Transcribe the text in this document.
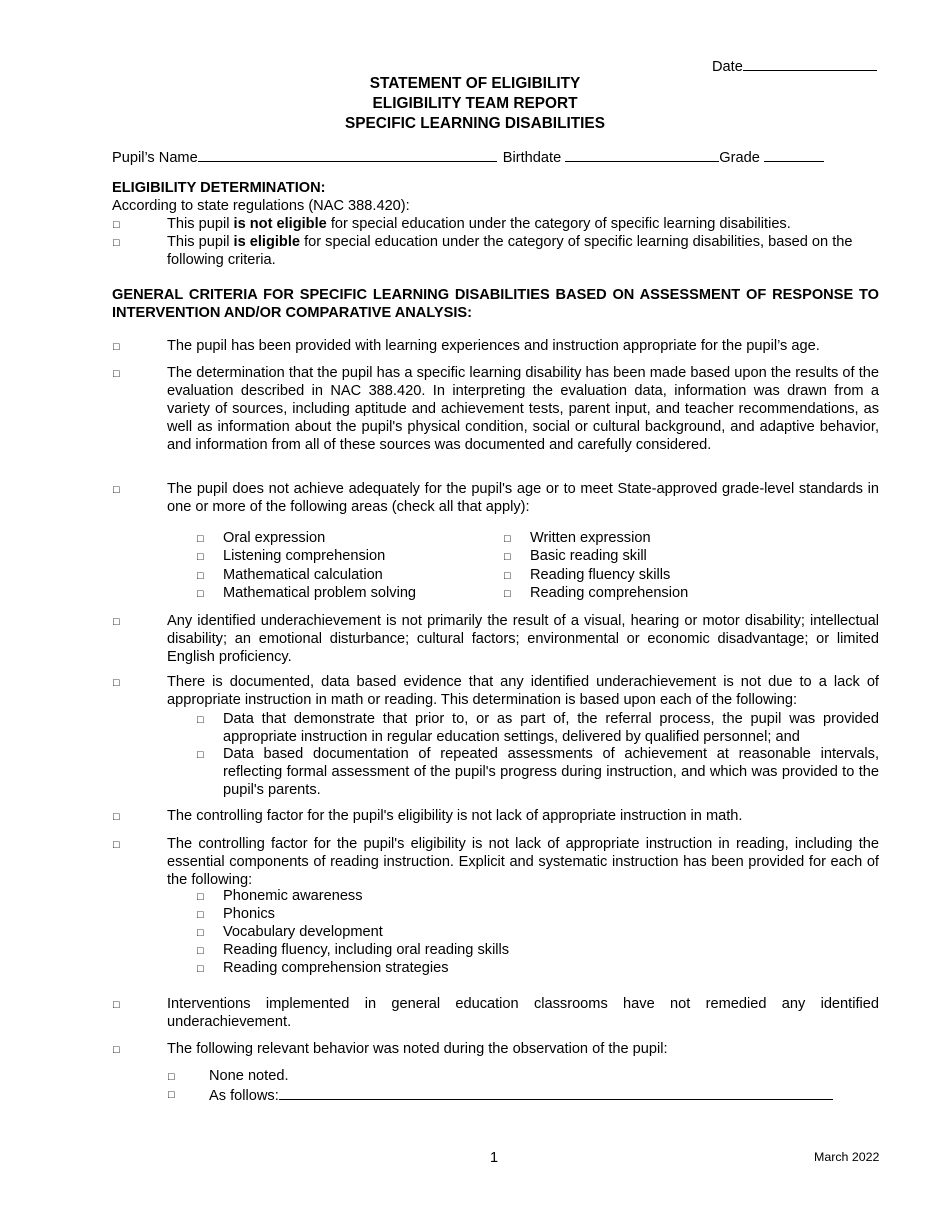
Date
STATEMENT OF ELIGIBILITY
ELIGIBILITY TEAM REPORT
SPECIFIC LEARNING DISABILITIES
Pupil’s Name	Birthdate	Grade
ELIGIBILITY DETERMINATION:
According to state regulations (NAC 388.420):
□	This pupil is not eligible for special education under the category of specific learning disabilities.
□	This pupil is eligible for special education under the category of specific learning disabilities, based on the following criteria.
GENERAL CRITERIA FOR SPECIFIC LEARNING DISABILITIES BASED ON ASSESSMENT OF RESPONSE TO INTERVENTION AND/OR COMPARATIVE ANALYSIS:
□	The pupil has been provided with learning experiences and instruction appropriate for the pupil’s age.
□	The determination that the pupil has a specific learning disability has been made based upon the results of the evaluation described in NAC 388.420. In interpreting the evaluation data, information was drawn from a variety of sources, including aptitude and achievement tests, parent input, and teacher recommendations, as well as information about the pupil's physical condition, social or cultural background, and adaptive behavior, and information from all of these sources was documented and carefully considered.
□	The pupil does not achieve adequately for the pupil's age or to meet State-approved grade-level standards in one or more of the following areas (check all that apply):
□ Oral expression
□ Listening comprehension
□ Mathematical calculation
□ Mathematical problem solving
□ Written expression
□ Basic reading skill
□ Reading fluency skills
□ Reading comprehension
□	Any identified underachievement is not primarily the result of a visual, hearing or motor disability; intellectual disability; an emotional disturbance; cultural factors; environmental or economic disadvantage; or limited English proficiency.
□	There is documented, data based evidence that any identified underachievement is not due to a lack of appropriate instruction in math or reading. This determination is based upon each of the following:
□ Data that demonstrate that prior to, or as part of, the referral process, the pupil was provided appropriate instruction in regular education settings, delivered by qualified personnel; and
□ Data based documentation of repeated assessments of achievement at reasonable intervals, reflecting formal assessment of the pupil's progress during instruction, and which was provided to the pupil's parents.
□	The controlling factor for the pupil's eligibility is not lack of appropriate instruction in math.
□	The controlling factor for the pupil's eligibility is not lack of appropriate instruction in reading, including the essential components of reading instruction. Explicit and systematic instruction has been provided for each of the following:
□ Phonemic awareness
□ Phonics
□ Vocabulary development
□ Reading fluency, including oral reading skills
□ Reading comprehension strategies
□	Interventions implemented in general education classrooms have not remedied any identified underachievement.
□	The following relevant behavior was noted during the observation of the pupil:
□ None noted.
□ As follows:
1	March 2022
